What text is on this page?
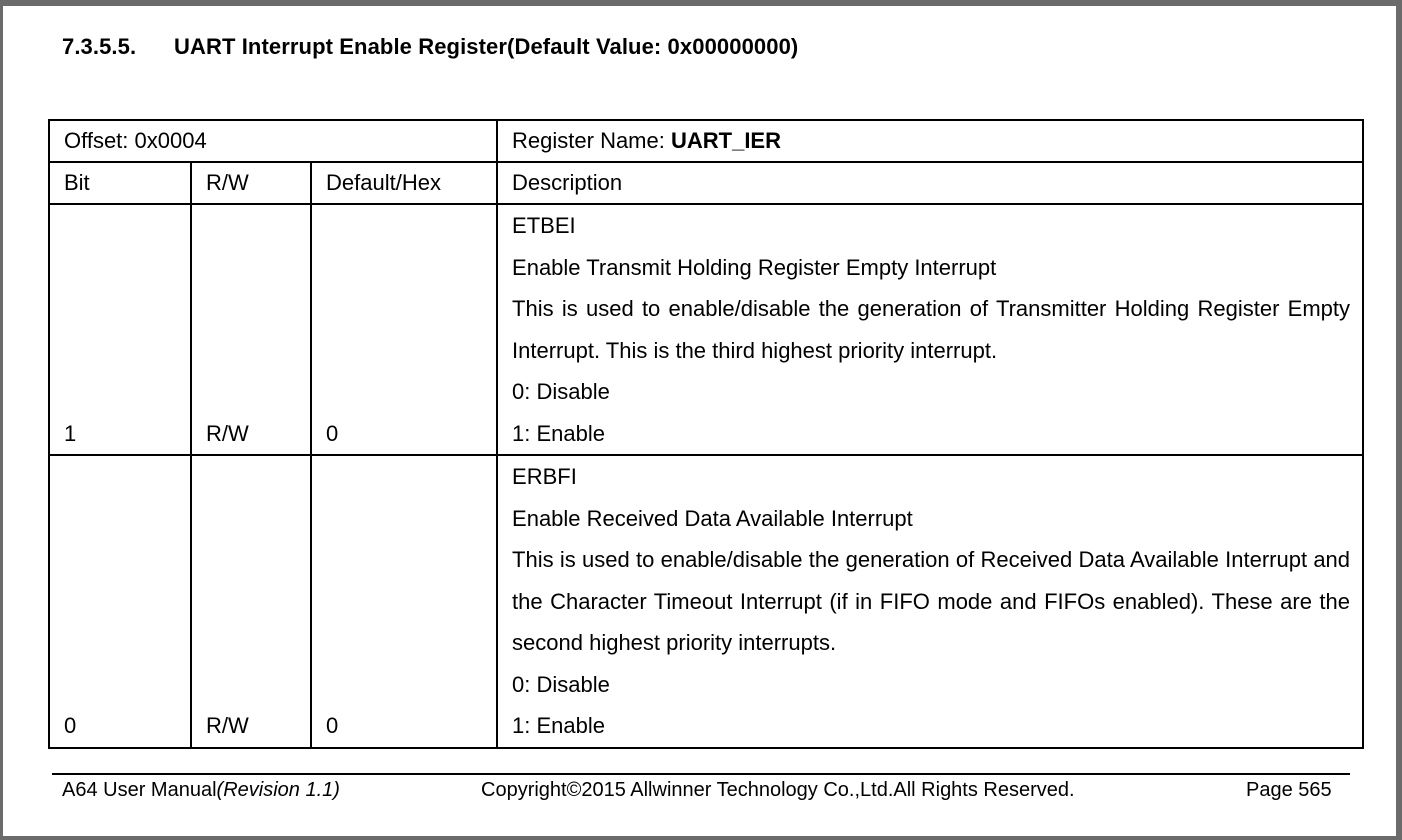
7.3.5.5. UART Interrupt Enable Register(Default Value: 0x00000000)
Offset: 0x0004			Register Name: UART_IER
Bit	R/W	Default/Hex	Description
1	R/W	0	ETBEI
Enable Transmit Holding Register Empty Interrupt
This is used to enable/disable the generation of Transmitter Holding Register Empty Interrupt. This is the third highest priority interrupt.
0: Disable
1: Enable

0	R/W	0	ERBFI
Enable Received Data Available Interrupt
This is used to enable/disable the generation of Received Data Available Interrupt and the Character Timeout Interrupt (if in FIFO mode and FIFOs enabled). These are the second highest priority interrupts.
0: Disable
1: Enable
A64 User Manual(Revision 1.1)	Copyright©2015 Allwinner Technology Co.,Ltd.All Rights Reserved.	Page 565
